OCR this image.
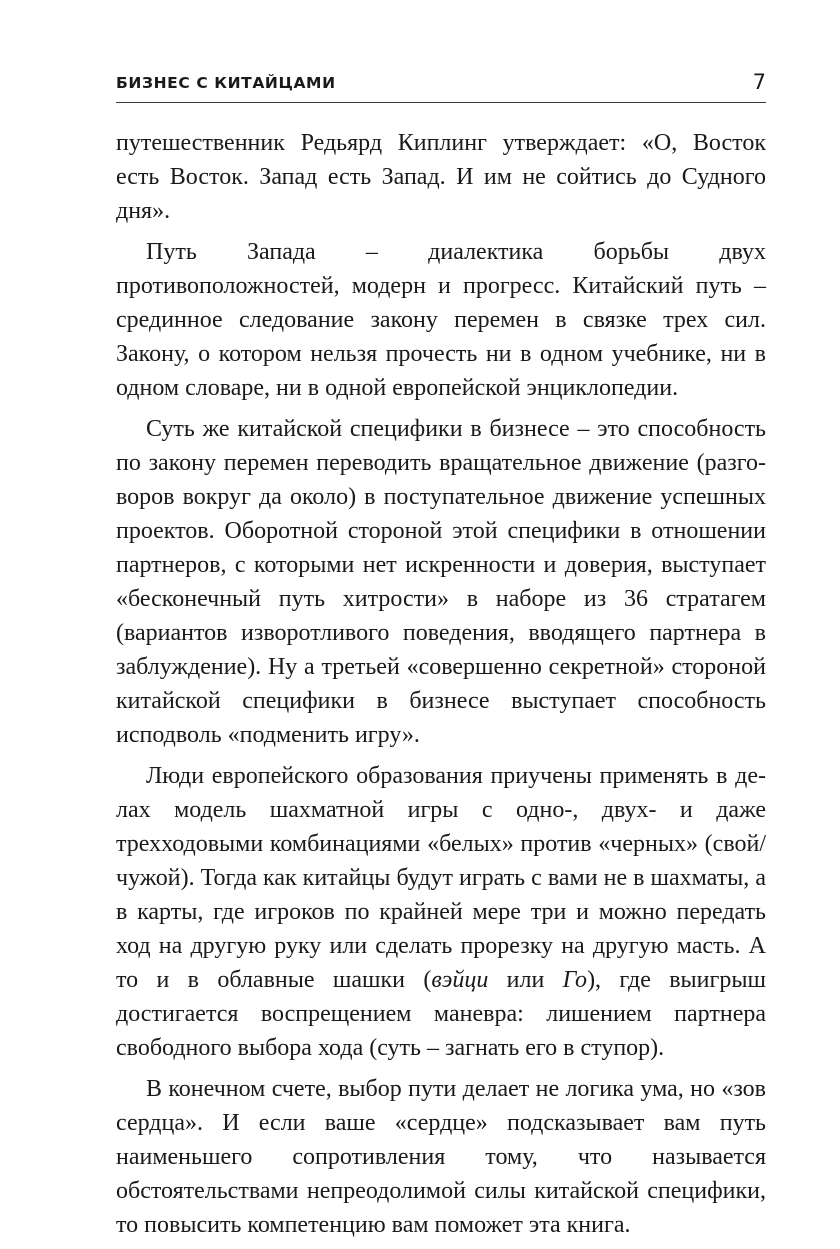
БИЗНЕС С КИТАЙЦАМИ	7

путешественник Редьярд Киплинг утверждает: «О, Восток есть Восток. Запад есть Запад. И им не сойтись до Судного дня».

Путь Запада – диалектика борьбы двух противоположностей, модерн и прогресс. Китайский путь – срединное следование закону перемен в связке трех сил. Закону, о котором нельзя прочесть ни в одном учебнике, ни в одном словаре, ни в одной европейской энциклопедии.

Суть же китайской специфики в бизнесе – это способность по закону перемен переводить вращательное движение (разговоров вокруг да около) в поступательное движение успешных проектов. Оборотной стороной этой специфики в отношении партнеров, с которыми нет искренности и доверия, выступает «бесконечный путь хитрости» в наборе из 36 стратагем (вариантов изворотливого поведения, вводящего партнера в заблуждение). Ну а третьей «совершенно секретной» стороной китайской специфики в бизнесе выступает способность исподволь «подменить игру».

Люди европейского образования приучены применять в делах модель шахматной игры с одно-, двух- и даже трехходовыми комбинациями «белых» против «черных» (свой/чужой). Тогда как китайцы будут играть с вами не в шахматы, а в карты, где игроков по крайней мере три и можно передать ход на другую руку или сделать прорезку на другую масть. А то и в облавные шашки (вэйци или Го), где выигрыш достигается воспрещением маневра: лишением партнера свободного выбора хода (суть – загнать его в ступор).

В конечном счете, выбор пути делает не логика ума, но «зов сердца». И если ваше «сердце» подсказывает вам путь наименьшего сопротивления тому, что называется обстоятельствами непреодолимой силы китайской специфики, то повысить компетенцию вам поможет эта книга.
